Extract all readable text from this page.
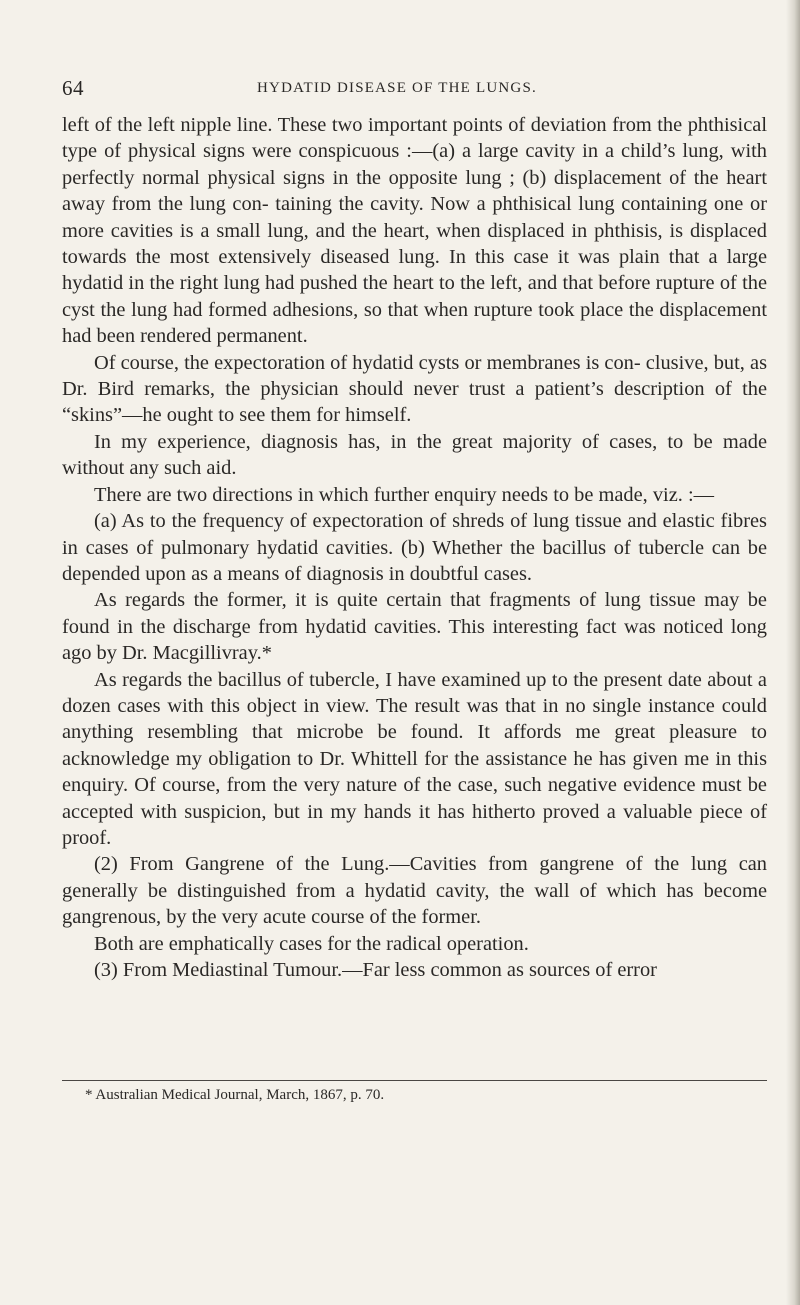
64	HYDATID DISEASE OF THE LUNGS.

left of the left nipple line. These two important points of deviation from the phthisical type of physical signs were conspicuous :—(a) a large cavity in a child’s lung, with perfectly normal physical signs in the opposite lung ; (b) displacement of the heart away from the lung con- taining the cavity. Now a phthisical lung containing one or more cavities is a small lung, and the heart, when displaced in phthisis, is displaced towards the most extensively diseased lung. In this case it was plain that a large hydatid in the right lung had pushed the heart to the left, and that before rupture of the cyst the lung had formed adhesions, so that when rupture took place the displacement had been rendered permanent.

Of course, the expectoration of hydatid cysts or membranes is con- clusive, but, as Dr. Bird remarks, the physician should never trust a patient’s description of the “skins”—he ought to see them for himself.

In my experience, diagnosis has, in the great majority of cases, to be made without any such aid.

There are two directions in which further enquiry needs to be made, viz. :—

(a) As to the frequency of expectoration of shreds of lung tissue and elastic fibres in cases of pulmonary hydatid cavities. (b) Whether the bacillus of tubercle can be depended upon as a means of diagnosis in doubtful cases.

As regards the former, it is quite certain that fragments of lung tissue may be found in the discharge from hydatid cavities. This interesting fact was noticed long ago by Dr. Macgillivray.*

As regards the bacillus of tubercle, I have examined up to the present date about a dozen cases with this object in view. The result was that in no single instance could anything resembling that microbe be found. It affords me great pleasure to acknowledge my obligation to Dr. Whittell for the assistance he has given me in this enquiry. Of course, from the very nature of the case, such negative evidence must be accepted with suspicion, but in my hands it has hitherto proved a valuable piece of proof.

(2) From Gangrene of the Lung.—Cavities from gangrene of the lung can generally be distinguished from a hydatid cavity, the wall of which has become gangrenous, by the very acute course of the former.

Both are emphatically cases for the radical operation.

(3) From Mediastinal Tumour.—Far less common as sources of error

* Australian Medical Journal, March, 1867, p. 70.
